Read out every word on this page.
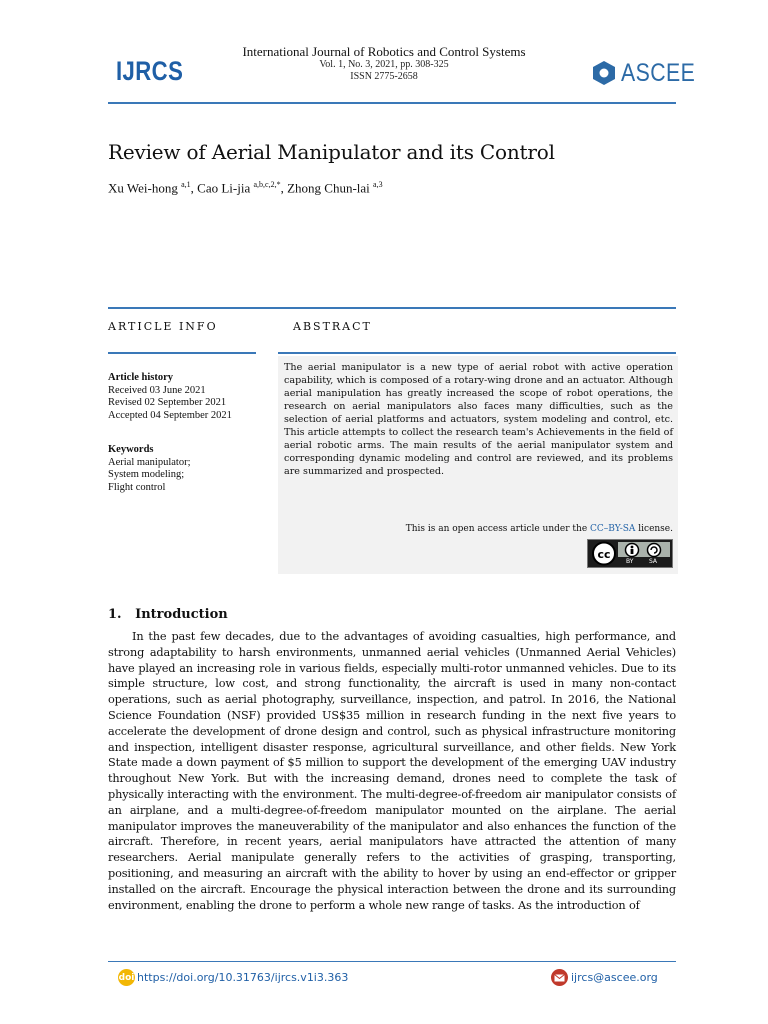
IJRCS
International Journal of Robotics and Control Systems
Vol. 1, No. 3, 2021, pp. 308-325
ISSN 2775-2658	ASCEE
Review of Aerial Manipulator and its Control
Xu Wei-hong $^{a,1}$, Cao Li-jia $^{a,b,c,2,*}$, Zhong Chun-lai $^{a,3}$
ARTICLE INFO	ABSTRACT
Article history
Received 03 June 2021
Revised 02 September 2021
Accepted 04 September 2021
Keywords
Aerial manipulator;
System modeling;
Flight control
The aerial manipulator is a new type of aerial robot with active operation capability, which is composed of a rotary-wing drone and an actuator. Although aerial manipulation has greatly increased the scope of robot operations, the research on aerial manipulators also faces many difficulties, such as the selection of aerial platforms and actuators, system modeling and control, etc. This article attempts to collect the research team's Achievements in the field of aerial robotic arms. The main results of the aerial manipulator system and corresponding dynamic modeling and control are reviewed, and its problems are summarized and prospected.
This is an open access article under the CC–BY-SA license.
cc
BY	SA
1.   Introduction
In the past few decades, due to the advantages of avoiding casualties, high performance, and strong adaptability to harsh environments, unmanned aerial vehicles (Unmanned Aerial Vehicles) have played an increasing role in various fields, especially multi-rotor unmanned vehicles. Due to its simple structure, low cost, and strong functionality, the aircraft is used in many non-contact operations, such as aerial photography, surveillance, inspection, and patrol. In 2016, the National Science Foundation (NSF) provided US$35 million in research funding in the next five years to accelerate the development of drone design and control, such as physical infrastructure monitoring and inspection, intelligent disaster response, agricultural surveillance, and other fields. New York State made a down payment of $5 million to support the development of the emerging UAV industry throughout New York. But with the increasing demand, drones need to complete the task of physically interacting with the environment. The multi-degree-of-freedom air manipulator consists of an airplane, and a multi-degree-of-freedom manipulator mounted on the airplane. The aerial manipulator improves the maneuverability of the manipulator and also enhances the function of the aircraft. Therefore, in recent years, aerial manipulators have attracted the attention of many researchers. Aerial manipulate generally refers to the activities of grasping, transporting, positioning, and measuring an aircraft with the ability to hover by using an end-effector or gripper installed on the aircraft. Encourage the physical interaction between the drone and its surrounding environment, enabling the drone to perform a whole new range of tasks. As the introduction of
doi https://doi.org/10.31763/ijrcs.v1i3.363	ijrcs@ascee.org
